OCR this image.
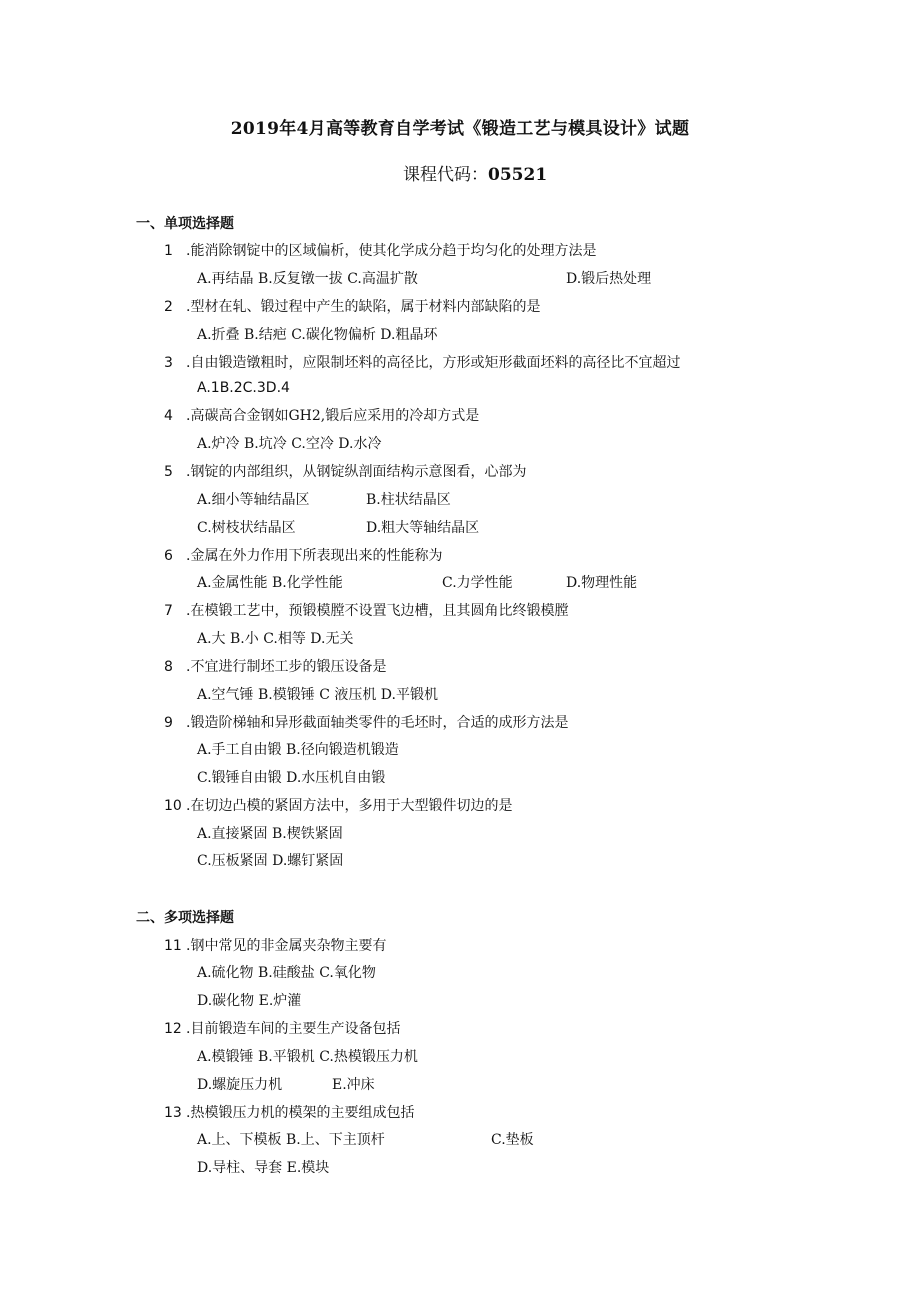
2019年4月高等教育自学考试《锻造工艺与模具设计》试题
课程代码：05521
一、单项选择题
1 .能消除钢锭中的区域偏析，使其化学成分趋于均匀化的处理方法是
A.再结晶 B.反复镦一拔 C.高温扩散	D.锻后热处理
2 .型材在轧、锻过程中产生的缺陷，属于材料内部缺陷的是
A.折叠 B.结疤 C.碳化物偏析 D.粗晶环
3 .自由锻造镦粗时，应限制坯料的高径比，方形或矩形截面坯料的高径比不宜超过
A.1B.2C.3D.4
4 .高碳高合金钢如GH2,锻后应采用的冷却方式是
A.炉冷 B.坑冷 C.空冷 D.水冷
5 .钢锭的内部组织，从钢锭纵剖面结构示意图看，心部为
A.细小等轴结晶区	B.柱状结晶区
C.树枝状结晶区	D.粗大等轴结晶区
6 .金属在外力作用下所表现出来的性能称为
A.金属性能 B.化学性能	C.力学性能	D.物理性能
7 .在模锻工艺中，预锻模膛不设置飞边槽，且其圆角比终锻模膛
A.大 B.小 C.相等 D.无关
8 .不宜进行制坯工步的锻压设备是
A.空气锤 B.模锻锤 C 液压机 D.平锻机
9 .锻造阶梯轴和异形截面轴类零件的毛坯时，合适的成形方法是
A.手工自由锻 B.径向锻造机锻造
C.锻锤自由锻 D.水压机自由锻
10 .在切边凸模的紧固方法中，多用于大型锻件切边的是
A.直接紧固 B.楔铁紧固
C.压板紧固 D.螺钉紧固
二、多项选择题
11 .钢中常见的非金属夹杂物主要有
A.硫化物 B.硅酸盐 C.氧化物
D.碳化物 E.炉灌
12 .目前锻造车间的主要生产设备包括
A.模锻锤 B.平锻机 C.热模锻压力机
D.螺旋压力机	E.冲床
13 .热模锻压力机的模架的主要组成包括
A.上、下模板 B.上、下主顶杆	C.垫板
D.导柱、导套 E.模块
